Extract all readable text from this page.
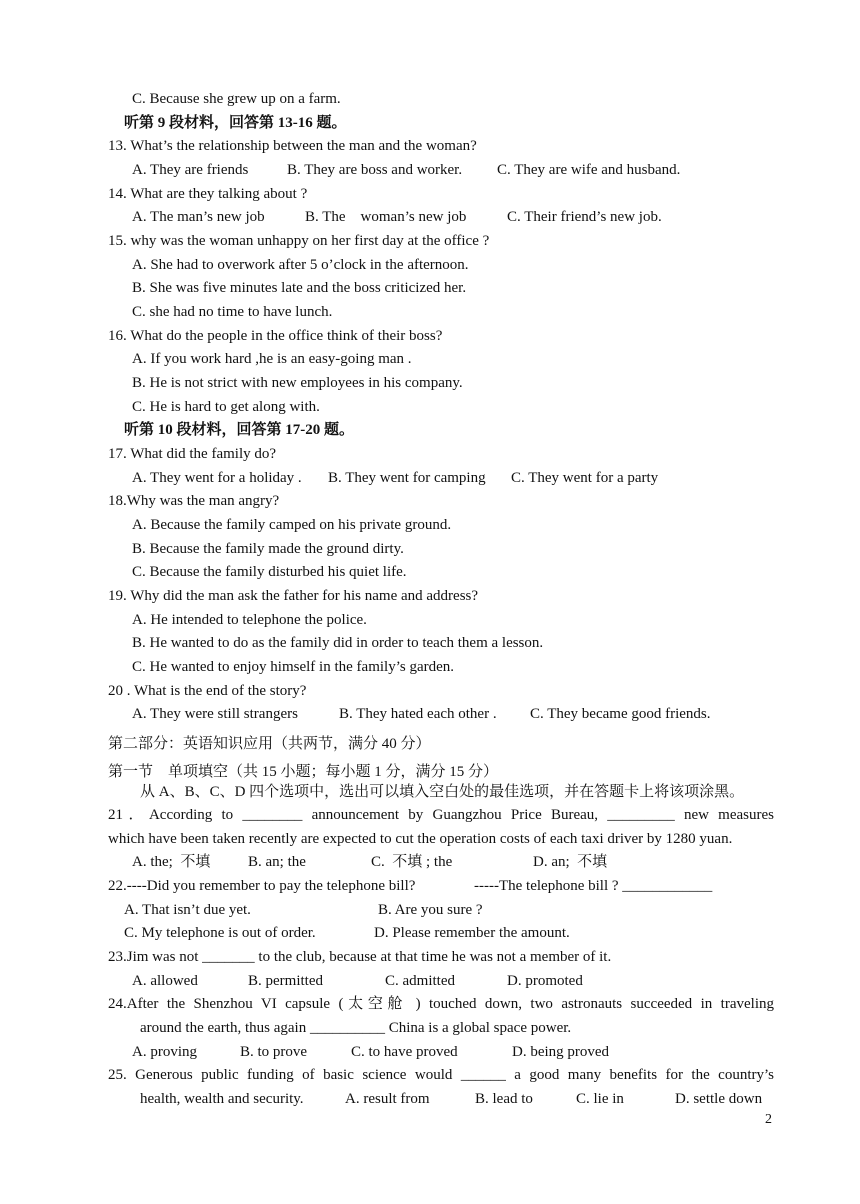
C. Because she grew up on a farm.
听第 9 段材料，回答第 13-16 题。
13. What’s the relationship between the man and the woman?
A. They are friends	B. They are boss and worker. C. They are wife and husband.
14. What are they talking about ?
A. The man’s new job	B. The    woman’s new job	C. Their friend’s new job.
15. why was the woman unhappy on her first day at the office ?
A. She had to overwork after 5 o’clock in the afternoon.
B. She was five minutes late and the boss criticized her.
C. she had no time to have lunch.
16. What do the people in the office think of their boss?
A. If you work hard ,he is an easy-going man .
B. He is not strict with new employees in his company.
C. He is hard to get along with.
听第 10 段材料，回答第 17-20 题。
17. What did the family do?
A. They went for a holiday . B. They went for camping C. They went for a party
18.Why was the man angry?
A. Because the family camped on his private ground.
B. Because the family made the ground dirty.
C. Because the family disturbed his quiet life.
19. Why did the man ask the father for his name and address?
A. He intended to telephone the police.
B. He wanted to do as the family did in order to teach them a lesson.
C. He wanted to enjoy himself in the family’s garden.
20 . What is the end of the story?
A. They were still strangers	B. They hated each other . C. They became good friends.
第二部分：英语知识应用（共两节，满分 40 分）
第一节　单项填空（共 15 小题；每小题 1 分，满分 15 分）
从 A、B、C、D 四个选项中，选出可以填入空白处的最佳选项，并在答题卡上将该项涂黑。
21．According to ________ announcement by Guangzhou Price Bureau, _________ new measures
which have been taken recently are expected to cut the operation costs of each taxi driver by 1280 yuan.
A. the;  不填	B. an; the	C.  不填 ; the	D. an;  不填
22.----Did you remember to pay the telephone bill?	-----The telephone bill ? ____________
A. That isn’t due yet.	B. Are you sure ?
C. My telephone is out of order.	D. Please remember the amount.
23.Jim was not _______ to the club, because at that time he was not a member of it.
A. allowed	B. permitted	C. admitted	D. promoted
24.After the Shenzhou VI capsule (太空舱 ) touched down, two astronauts succeeded in traveling
around the earth, thus again __________ China is a global space power.
A. proving	B. to prove	C. to have proved	D. being proved
25. Generous public funding of basic science would ______ a good many benefits for the country’s
health, wealth and security.	A. result from	B. lead to	C. lie in	D. settle down
2
